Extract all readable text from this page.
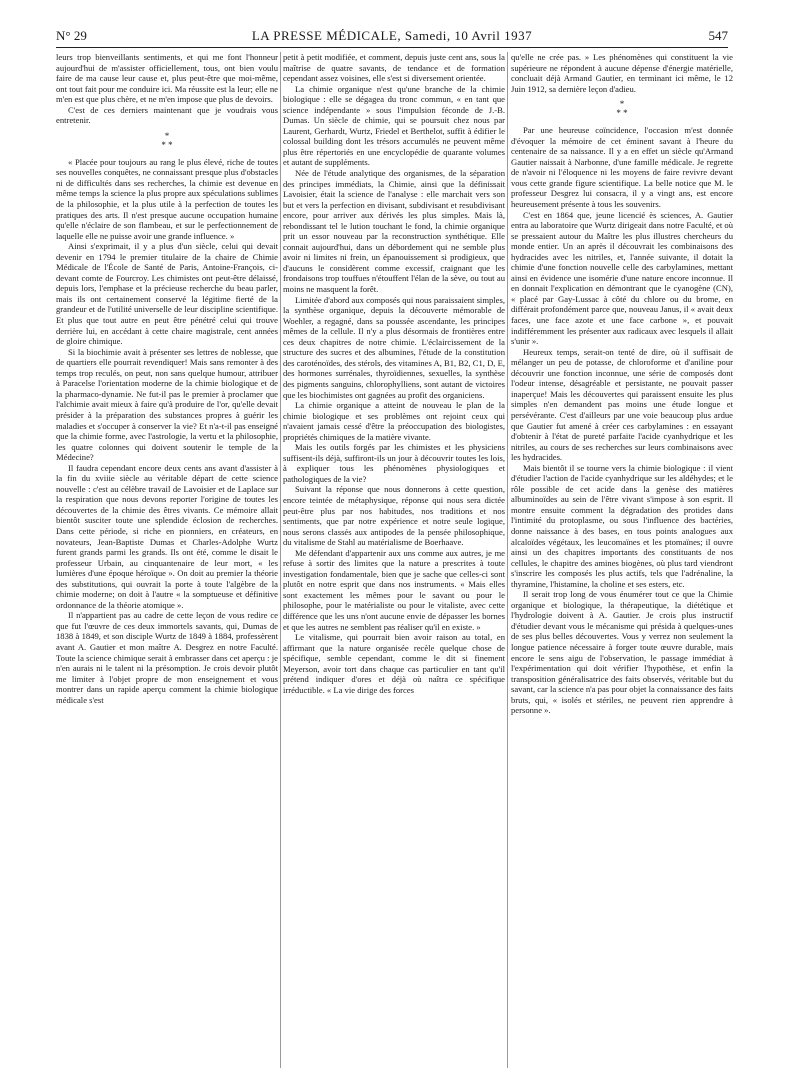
N° 29	LA PRESSE MÉDICALE, Samedi, 10 Avril 1937	547

leurs trop bienveillants sentiments, et qui me font l'honneur aujourd'hui de m'assister officiellement, tous, ont bien voulu faire de ma cause leur cause et, plus peut-être que moi-même, ont tout fait pour me conduire ici. Ma réussite est la leur; elle ne m'en est que plus chère, et ne m'en impose que plus de devoirs.

C'est de ces derniers maintenant que je voudrais vous entretenir.

*
* *

« Placée pour toujours au rang le plus élevé, riche de toutes ses nouvelles conquêtes, ne connaissant presque plus d'obstacles ni de difficultés dans ses recherches, la chimie est devenue en même temps la science la plus propre aux spéculations sublimes de la philosophie, et la plus utile à la perfection de toutes les pratiques des arts. Il n'est presque aucune occupation humaine qu'elle n'éclaire de son flambeau, et sur le perfectionnement de laquelle elle ne puisse avoir une grande influence. »

Ainsi s'exprimait, il y a plus d'un siècle, celui qui devait devenir en 1794 le premier titulaire de la chaire de Chimie Médicale de l'École de Santé de Paris, Antoine-François, ci-devant comte de Fourcroy. Les chimistes ont peut-être délaissé, depuis lors, l'emphase et la précieuse recherche du beau parler, mais ils ont certainement conservé la légitime fierté de la grandeur et de l'utilité universelle de leur discipline scientifique. Et plus que tout autre en peut être pénétré celui qui trouve derrière lui, en accédant à cette chaire magistrale, cent années de gloire chimique.

Si la biochimie avait à présenter ses lettres de noblesse, que de quartiers elle pourrait revendiquer! Mais sans remonter à des temps trop reculés, on peut, non sans quelque humour, attribuer à Paracelse l'orientation moderne de la chimie biologique et de la pharmaco-dynamie. Ne fut-il pas le premier à proclamer que l'alchimie avait mieux à faire qu'à produire de l'or, qu'elle devait présider à la préparation des substances propres à guérir les maladies et s'occuper à conserver la vie? Et n'a-t-il pas enseigné que la chimie forme, avec l'astrologie, la vertu et la philosophie, les quatre colonnes qui doivent soutenir le temple de la Médecine?

Il faudra cependant encore deux cents ans avant d'assister à la fin du xviiie siècle au véritable départ de cette science nouvelle : c'est au célèbre travail de Lavoisier et de Laplace sur la respiration que nous devons reporter l'origine de toutes les découvertes de la chimie des êtres vivants. Ce mémoire allait bientôt susciter toute une splendide éclosion de recherches. Dans cette période, si riche en pionniers, en créateurs, en novateurs, Jean-Baptiste Dumas et Charles-Adolphe Wurtz furent grands parmi les grands. Ils ont été, comme le disait le professeur Urbain, au cinquantenaire de leur mort, « les lumières d'une époque héroïque ». On doit au premier la théorie des substitutions, qui ouvrait la porte à toute l'algèbre de la chimie moderne; on doit à l'autre « la somptueuse et définitive ordonnance de la théorie atomique ».

Il n'appartient pas au cadre de cette leçon de vous redire ce que fut l'œuvre de ces deux immortels savants, qui, Dumas de 1838 à 1849, et son disciple Wurtz de 1849 à 1884, professèrent avant A. Gautier et mon maître A. Desgrez en notre Faculté. Toute la science chimique serait à embrasser dans cet aperçu : je n'en aurais ni le talent ni la présomption. Je crois devoir plutôt me limiter à l'objet propre de mon enseignement et vous montrer dans un rapide aperçu comment la chimie biologique médicale s'est

petit à petit modifiée, et comment, depuis juste cent ans, sous la maîtrise de quatre savants, de tendance et de formation cependant assez voisines, elle s'est si diversement orientée.

La chimie organique n'est qu'une branche de la chimie biologique : elle se dégagea du tronc commun, « en tant que science indépendante » sous l'impulsion féconde de J.-B. Dumas. Un siècle de chimie, qui se poursuit chez nous par Laurent, Gerhardt, Wurtz, Friedel et Berthelot, suffit à édifier le colossal building dont les trésors accumulés ne peuvent même plus être répertoriés en une encyclopédie de quarante volumes et autant de suppléments.

Née de l'étude analytique des organismes, de la séparation des principes immédiats, la Chimie, ainsi que la définissait Lavoisier, était la science de l'analyse : elle marchait vers son but et vers la perfection en divisant, subdivisant et resubdivisant encore, pour arriver aux dérivés les plus simples. Mais là, rebondissant tel le lution touchant le fond, la chimie organique prit un essor nouveau par la reconstruction synthétique. Elle connait aujourd'hui, dans un débordement qui ne semble plus avoir ni limites ni frein, un épanouissement si prodigieux, que d'aucuns le considèrent comme excessif, craignant que les frondaisons trop touffues n'étouffent l'élan de la sève, ou tout au moins ne masquent la forêt.

Limitée d'abord aux composés qui nous paraissaient simples, la synthèse organique, depuis la découverte mémorable de Woehler, a regagné, dans sa poussée ascendante, les principes mêmes de la cellule. Il n'y a plus désormais de frontières entre ces deux chapitres de notre chimie. L'éclaircissement de la structure des sucres et des albumines, l'étude de la constitution des caroténoïdes, des stérols, des vitamines A, B1, B2, C1, D, E, des hormones surrénales, thyroïdiennes, sexuelles, la synthèse des pigments sanguins, chlorophylliens, sont autant de victoires que les biochimistes ont gagnées au profit des organiciens.

La chimie organique a atteint de nouveau le plan de la chimie biologique et ses problèmes ont rejoint ceux qui n'avaient jamais cessé d'être la préoccupation des biologistes, propriétés chimiques de la matière vivante.

Mais les outils forgés par les chimistes et les physiciens suffisent-ils déjà, suffiront-ils un jour à découvrir toutes les lois, à expliquer tous les phénomènes physiologiques et pathologiques de la vie?

Suivant la réponse que nous donnerons à cette question, encore teintée de métaphysique, réponse qui nous sera dictée peut-être plus par nos habitudes, nos traditions et nos sentiments, que par notre expérience et notre seule logique, nous serons classés aux antipodes de la pensée philosophique, du vitalisme de Stahl au matérialisme de Boerhaave.

Me défendant d'appartenir aux uns comme aux autres, je me refuse à sortir des limites que la nature a prescrites à toute investigation fondamentale, bien que je sache que celles-ci sont plutôt en notre esprit que dans nos instruments. « Mais elles sont exactement les mêmes pour le savant ou pour le philosophe, pour le matérialiste ou pour le vitaliste, avec cette différence que les uns n'ont aucune envie de dépasser les bornes et que les autres ne semblent pas réaliser qu'il en existe. »

Le vitalisme, qui pourrait bien avoir raison au total, en affirmant que la nature organisée recèle quelque chose de spécifique, semble cependant, comme le dit si finement Meyerson, avoir tort dans chaque cas particulier en tant qu'il prétend indiquer d'ores et déjà où naîtra ce spécifique irréductible. « La vie dirige des forces

qu'elle ne crée pas. » Les phénomènes qui constituent la vie supérieure ne répondent à aucune dépense d'énergie matérielle, concluait déjà Armand Gautier, en terminant ici même, le 12 Juin 1912, sa dernière leçon d'adieu.

*
* *

Par une heureuse coïncidence, l'occasion m'est donnée d'évoquer la mémoire de cet éminent savant à l'heure du centenaire de sa naissance. Il y a en effet un siècle qu'Armand Gautier naissait à Narbonne, d'une famille médicale. Je regrette de n'avoir ni l'éloquence ni les moyens de faire revivre devant vous cette grande figure scientifique. La belle notice que M. le professeur Desgrez lui consacra, il y a vingt ans, est encore heureusement présente à tous les souvenirs.

C'est en 1864 que, jeune licencié ès sciences, A. Gautier entra au laboratoire que Wurtz dirigeait dans notre Faculté, et où se pressaient autour du Maître les plus illustres chercheurs du monde entier. Un an après il découvrait les combinaisons des hydracides avec les nitriles, et, l'année suivante, il dotait la chimie d'une fonction nouvelle celle des carbylamines, mettant ainsi en évidence une isomérie d'une nature encore inconnue. Il en donnait l'explication en démontrant que le cyanogène (CN), « placé par Gay-Lussac à côté du chlore ou du brome, en différait profondément parce que, nouveau Janus, il « avait deux faces, une face azote et une face carbone », et pouvait indifféremment les présenter aux radicaux avec lesquels il allait s'unir ».

Heureux temps, serait-on tenté de dire, où il suffisait de mélanger un peu de potasse, de chloroforme et d'aniline pour découvrir une fonction inconnue, une série de composés dont l'odeur intense, désagréable et persistante, ne pouvait passer inaperçue! Mais les découvertes qui paraissent ensuite les plus simples n'en demandent pas moins une étude longue et persévérante. C'est d'ailleurs par une voie beaucoup plus ardue que Gautier fut amené à créer ces carbylamines : en essayant d'obtenir à l'état de pureté parfaite l'acide cyanhydrique et les nitriles, au cours de ses recherches sur leurs combinaisons avec les hydracides.

Mais bientôt il se tourne vers la chimie biologique : il vient d'étudier l'action de l'acide cyanhydrique sur les aldéhydes; et le rôle possible de cet acide dans la genèse des matières albuminoïdes au sein de l'être vivant s'impose à son esprit. Il montre ensuite comment la dégradation des protides dans l'intimité du protoplasme, ou sous l'influence des bactéries, donne naissance à des bases, en tous points analogues aux alcaloïdes végétaux, les leucomaïnes et les ptomaïnes; il ouvre ainsi un des chapitres importants des constituants de nos cellules, le chapitre des amines biogènes, où plus tard viendront s'inscrire les composés les plus actifs, tels que l'adrénaline, la thyramine, l'histamine, la choline et ses esters, etc.

Il serait trop long de vous énumérer tout ce que la Chimie organique et biologique, la thérapeutique, la diététique et l'hydrologie doivent à A. Gautier. Je crois plus instructif d'étudier devant vous le mécanisme qui présida à quelques-unes de ses plus belles découvertes. Vous y verrez non seulement la longue patience nécessaire à forger toute œuvre durable, mais encore le sens aigu de l'observation, le passage immédiat à l'expérimentation qui doit vérifier l'hypothèse, et enfin la transposition généralisatrice des faits observés, véritable but du savant, car la science n'a pas pour objet la connaissance des faits bruts, qui, « isolés et stériles, ne peuvent rien apprendre à personne ».
